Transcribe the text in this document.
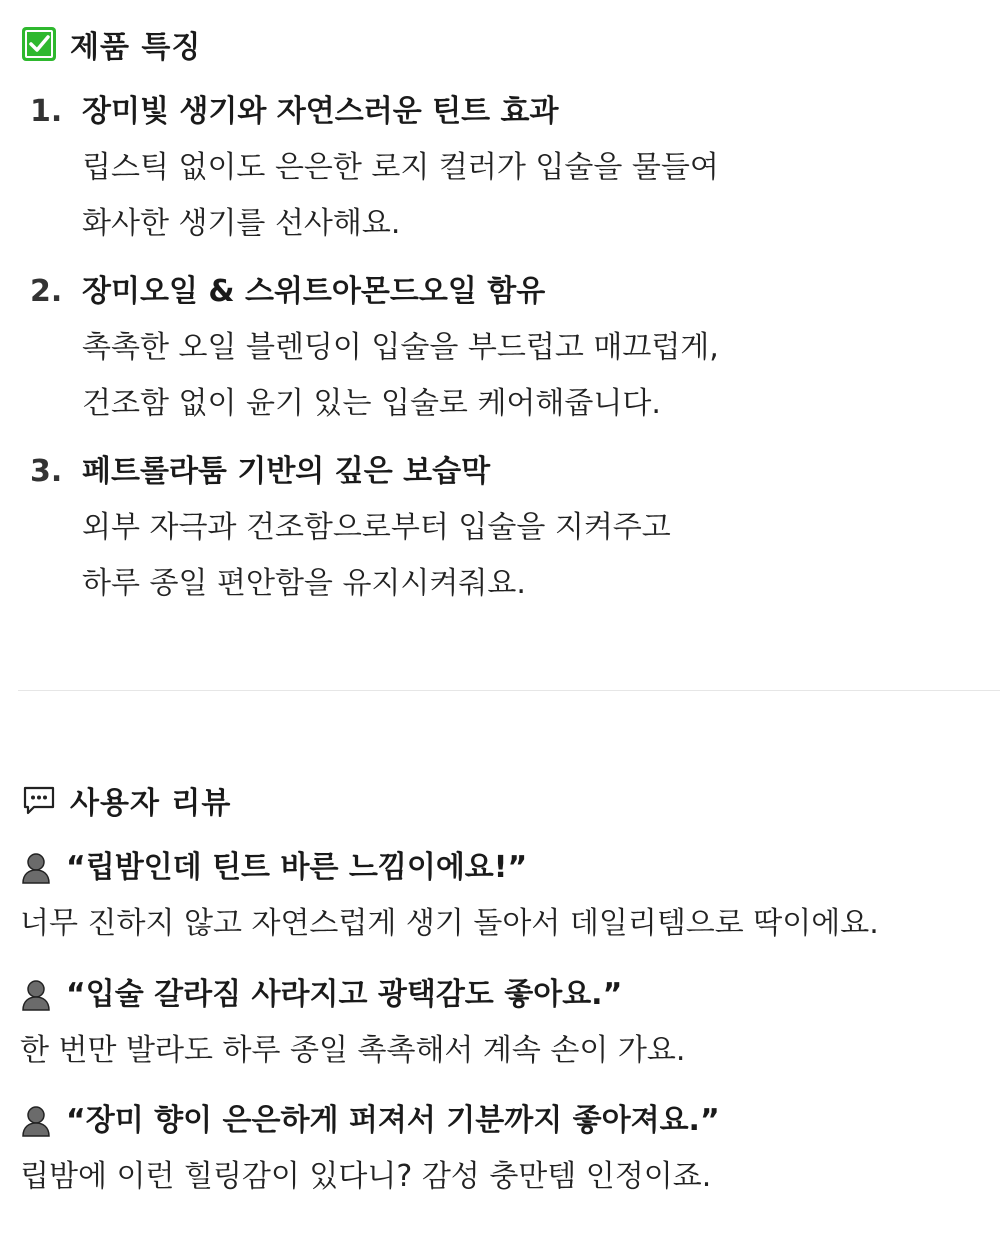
제품 특징
1. 장미빛 생기와 자연스러운 틴트 효과
립스틱 없이도 은은한 로지 컬러가 입술을 물들여
화사한 생기를 선사해요.
2. 장미오일 & 스위트아몬드오일 함유
촉촉한 오일 블렌딩이 입술을 부드럽고 매끄럽게,
건조함 없이 윤기 있는 입술로 케어해줍니다.
3. 페트롤라툼 기반의 깊은 보습막
외부 자극과 건조함으로부터 입술을 지켜주고
하루 종일 편안함을 유지시켜줘요.
사용자 리뷰
“립밤인데 틴트 바른 느낌이에요!”
너무 진하지 않고 자연스럽게 생기 돌아서 데일리템으로 딱이에요.
“입술 갈라짐 사라지고 광택감도 좋아요.”
한 번만 발라도 하루 종일 촉촉해서 계속 손이 가요.
“장미 향이 은은하게 퍼져서 기분까지 좋아져요.”
립밤에 이런 힐링감이 있다니? 감성 충만템 인정이죠.
